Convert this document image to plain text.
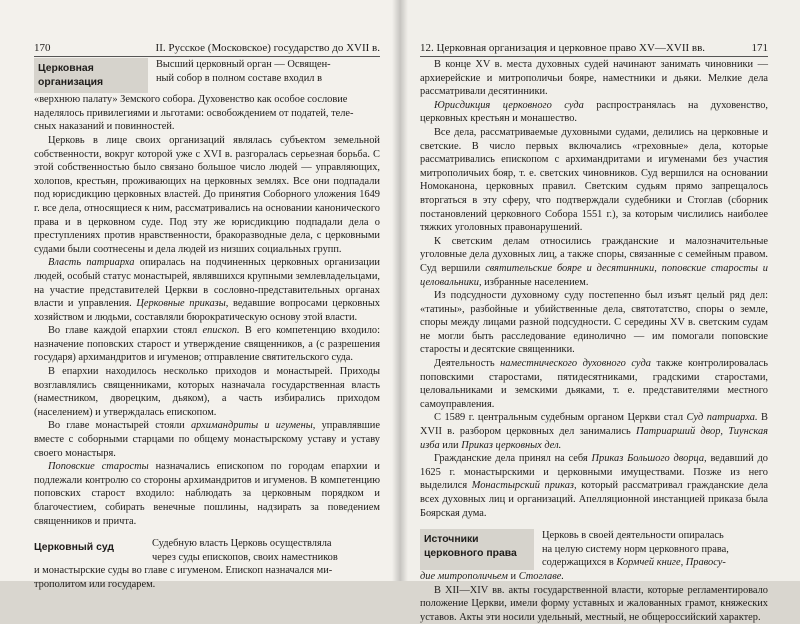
170	II. Русское (Московское) государство до XVII в.
Церковная организация

Высший церковный орган — Освящен-

ный собор в полном составе входил в

«верхнюю палату» Земского собора. Духовенство как особое сословие

наделялось привилегиями и льготами: освобождением от податей, теле-

сных наказаний и повинностей.

Церковь в лице своих организаций являлась субъектом земельной собственности, вокруг которой уже с XVI в. разгоралась серьезная борьба. С этой собственностью было связано большое число людей — управляющих, холопов, крестьян, проживающих на церковных землях. Все они подпадали под юрисдикцию церковных властей. До принятия Соборного уложения 1649 г. все дела, относящиеся к ним, рассматривались на основании канонического права и в церковном суде. Под эту же юрисдикцию подпадали дела о преступлениях против нравственности, бракоразводные дела, с церковными судами были соотнесены и дела людей из низших социальных групп.

Власть патриарха опиралась на подчиненных церковных организации людей, особый статус монастырей, являвшихся крупными землевладельцами, на участие представителей Церкви в сословно-представительных органах власти и управления. Церковные приказы, ведавшие вопросами церковных хозяйством и людьми, составляли бюрократическую основу этой власти.

Во главе каждой епархии стоял епископ. В его компетенцию входило: назначение поповских старост и утверждение священников, а (с разрешения государя) архимандритов и игуменов; отправление святительского суда.

В епархии находилось несколько приходов и монастырей. Приходы возглавлялись священниками, которых назначала государственная власть (наместником, дворецким, дьяком), а часть избирались приходом (населением) и утверждалась епископом.

Во главе монастырей стояли архимандриты и игумены, управлявшие вместе с соборными старцами по общему монастырскому уставу и уставу своего монастыря.

Поповские старосты назначались епископом по городам епархии и подлежали контролю со стороны архимандритов и игуменов. В компетенцию поповских старост входило: наблюдать за церковным порядком и благочестием, собирать венечные пошлины, надзирать за поведением священников и причта.

Церковный суд	Судебную власть Церковь осуществляла

через суды епископов, своих наместников

и монастырские суды во главе с игуменом. Епископ назначался ми-

трополитом или государем.

12. Церковная организация и церковное право XV—XVII вв.	171

В конце XV в. места духовных судей начинают занимать чиновники — архиерейские и митрополичьи бояре, наместники и дьяки. Мелкие дела рассматривали десятинники.

Юрисдикция церковного суда распространялась на духовенство, церковных крестьян и монашество.

Все дела, рассматриваемые духовными судами, делились на церковные и светские. В число первых включались «греховные» дела, которые рассматривались епископом с архимандритами и игуменами без участия митрополичьих бояр, т. е. светских чиновников. Суд вершился на основании Номоканона, церковных правил. Светским судьям прямо запрещалось вторгаться в эту сферу, что подтверждали судебники и Стоглав (сборник постановлений церковного Собора 1551 г.), за которым числились наиболее тяжких уголовных правонарушений.

К светским делам относились гражданские и малозначительные уголовные дела духовных лиц, а также споры, связанные с семейным правом. Суд вершили святительские бояре и десятинники, поповские старосты и целовальники, избранные населением.

Из подсудности духовному суду постепенно был изъят целый ряд дел: «татины», разбойные и убийственные дела, святотатство, споры о земле, споры между лицами разной подсудности. С середины XV в. светским судам не могли быть расследование единолично — им помогали поповские старосты и десятские священники.

Деятельность наместнического духовного суда также контролировалась поповскими старостами, пятидесятниками, градскими старостами, целовальниками и земскими дьяками, т. е. представителями местного самоуправления.

С 1589 г. центральным судебным органом Церкви стал Суд патриарха. В XVII в. разбором церковных дел занимались Патриарший двор, Тиунская изба или Приказ церковных дел.

Гражданские дела принял на себя Приказ Большого дворца, ведавший до 1625 г. монастырскими и церковными имуществами. Позже из него выделился Монастырский приказ, который рассматривал гражданские дела всех духовных лиц и организаций. Апелляционной инстанцией приказа была Боярская дума.

Источники церковного права

Церковь в своей деятельности опиралась

на целую систему норм церковного права,

содержащихся в Кормчей книге, Правосу-

дие митрополичьем и Стоглаве.

В XII—XIV вв. акты государственной власти, которые регламентировало положение Церкви, имели форму уставных и жалованных грамот, княжеских уставов. Акты эти носили удельный, местный, не общероссийский характер.
